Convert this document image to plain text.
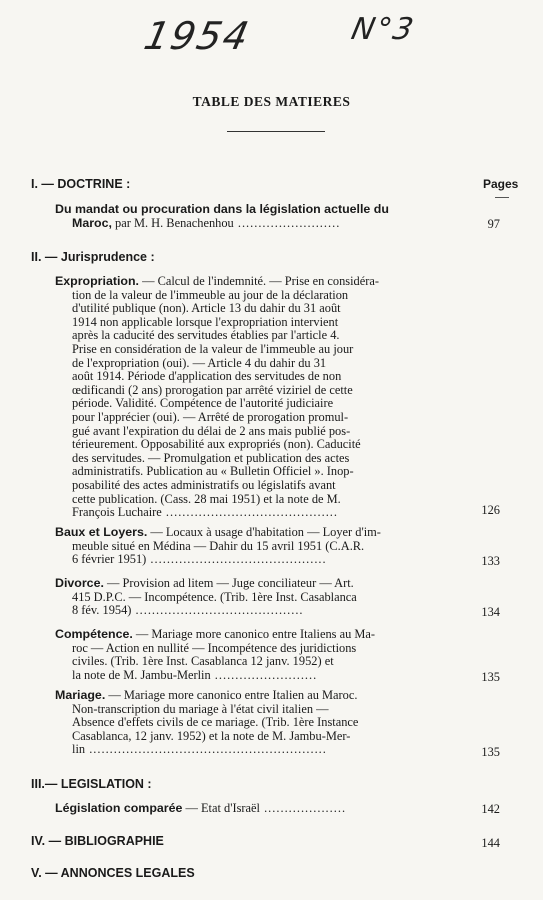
1954	N°3
TABLE DES MATIERES
I. — DOCTRINE :	Pages
Du mandat ou procuration dans la législation actuelle du
Maroc, par M. H. Benachenhou .........................	97
II. — Jurisprudence :
Expropriation. — Calcul de l'indemnité. — Prise en considéra-
tion de la valeur de l'immeuble au jour de la déclaration
d'utilité publique (non). Article 13 du dahir du 31 août
1914 non applicable lorsque l'expropriation intervient
après la caducité des servitudes établies par l'article 4.
Prise en considération de la valeur de l'immeuble au jour
de l'expropriation (oui). — Article 4 du dahir du 31
août 1914. Période d'application des servitudes de non
œdificandi (2 ans) prorogation par arrêté viziriel de cette
période. Validité. Compétence de l'autorité judiciaire
pour l'apprécier (oui). — Arrêté de prorogation promul-
gué avant l'expiration du délai de 2 ans mais publié pos-
térieurement. Opposabilité aux expropriés (non). Caducité
des servitudes. — Promulgation et publication des actes
administratifs. Publication au « Bulletin Officiel ». Inop-
posabilité des actes administratifs ou législatifs avant
cette publication. (Cass. 28 mai 1951) et la note de M.
François Luchaire ..........................................	126
Baux et Loyers. — Locaux à usage d'habitation — Loyer d'im-
meuble situé en Médina — Dahir du 15 avril 1951 (C.A.R.
6 février 1951) ...........................................	133
Divorce. — Provision ad litem — Juge conciliateur — Art.
415 D.P.C. — Incompétence. (Trib. 1ère Inst. Casablanca
8 fév. 1954) .........................................	134
Compétence. — Mariage more canonico entre Italiens au Ma-
roc — Action en nullité — Incompétence des juridictions
civiles. (Trib. 1ère Inst. Casablanca 12 janv. 1952) et
la note de M. Jambu-Merlin .........................	135
Mariage. — Mariage more canonico entre Italien au Maroc.
Non-transcription du mariage à l'état civil italien —
Absence d'effets civils de ce mariage. (Trib. 1ère Instance
Casablanca, 12 janv. 1952) et la note de M. Jambu-Mer-
lin ..........................................................	135
III.— LEGISLATION :
Législation comparée — Etat d'Israël ....................	142
IV. — BIBLIOGRAPHIE	144
V. — ANNONCES LEGALES
